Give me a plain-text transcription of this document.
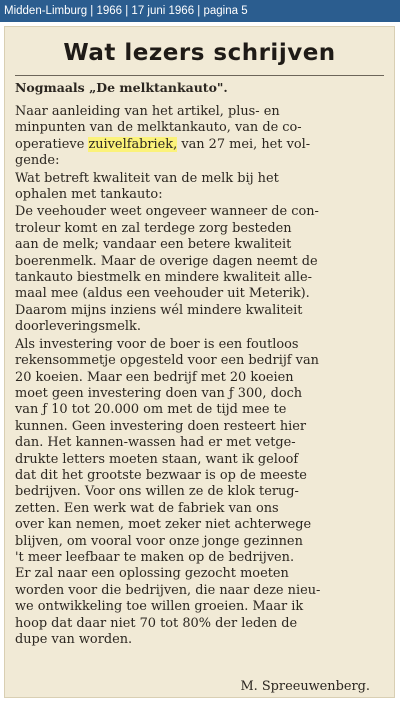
Midden-Limburg | 1966 | 17 juni 1966 | pagina 5
Wat lezers schrijven
Nogmaals „De melktankauto".

Naar aanleiding van het artikel, plus- en
minpunten van de melktankauto, van de co-
operatieve zuivelfabriek, van 27 mei, het vol-
gende:

Wat betreft kwaliteit van de melk bij het
ophalen met tankauto:

De veehouder weet ongeveer wanneer de con-
troleur komt en zal terdege zorg besteden
aan de melk; vandaar een betere kwaliteit
boerenmelk. Maar de overige dagen neemt de
tankauto biestmelk en mindere kwaliteit alle-
maal mee (aldus een veehouder uit Meterik).
Daarom mijns inziens wél mindere kwaliteit
doorleveringsmelk.

Als investering voor de boer is een foutloos
rekensommetje opgesteld voor een bedrijf van
20 koeien. Maar een bedrijf met 20 koeien
moet geen investering doen van ƒ 300, doch
van ƒ 10 tot 20.000 om met de tijd mee te
kunnen. Geen investering doen resteert hier
dan. Het kannen-wassen had er met vetge-
drukte letters moeten staan, want ik geloof
dat dit het grootste bezwaar is op de meeste
bedrijven. Voor ons willen ze de klok terug-
zetten. Een werk wat de fabriek van ons
over kan nemen, moet zeker niet achterwege
blijven, om vooral voor onze jonge gezinnen
't meer leefbaar te maken op de bedrijven.
Er zal naar een oplossing gezocht moeten
worden voor die bedrijven, die naar deze nieu-
we ontwikkeling toe willen groeien. Maar ik
hoop dat daar niet 70 tot 80% der leden de
dupe van worden.

M. Spreeuwenberg.
